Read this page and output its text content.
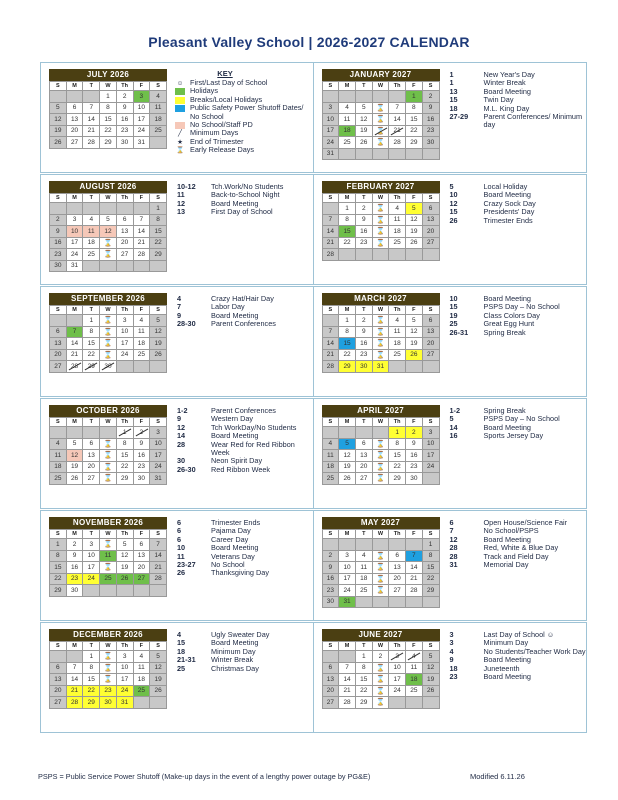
Pleasant Valley School | 2026-2027 CALENDAR
JULY 2026
S	M	T	W	Th	F	S
			1	2	3	4
5	6	7	8	9	10	11
12	13	14	15	16	17	18
19	20	21	22	23	24	25
26	27	28	29	30	31	
KEY
☺ First/Last Day of School
Holidays
Breaks/Local Holidays
Public Safety Power Shutoff Dates/ No School
No School/Staff PD
╱	Minimum Days
★ End of Trimester
⌛ Early Release Days
JANUARY 2027
S	M	T	W	Th	F	S
					1	2
3	4	5	⌛	7	8	9
10	11	12	⌛	14	15	16
17	18	19	⌛	21	22	23
24	25	26	⌛	28	29	30
31						
1	New Year's Day
1	Winter Break
13	Board Meeting
15	Twin Day
18	M.L. King Day
27-29	Parent Conferences/ Minimum day
AUGUST 2026
S	M	T	W	Th	F	S
						1
2	3	4	5	6	7	8
9	10	11	12	13	14	15
16	17	18	⌛	20	21	22
23	24	25	⌛	27	28	29
30	31					
10-12	Tch.Work/No Students
11	Back-to-School Night
12	Board Meeting
13	First Day of School
FEBRUARY 2027
S	M	T	W	Th	F	S
	1	2	⌛	4	5	6
7	8	9	⌛	11	12	13
14	15	16	⌛	18	19	20
21	22	23	⌛	25	26	27
28						
5	Local Holiday
10	Board Meeting
12	Crazy Sock Day
15	Presidents' Day
26	Trimester Ends
SEPTEMBER 2026
S	M	T	W	Th	F	S
		1	⌛	3	4	5
6	7	8	⌛	10	11	12
13	14	15	⌛	17	18	19
20	21	22	⌛	24	25	26
27	28	29	30			
4	Crazy Hat/Hair Day
7	Labor Day
9	Board Meeting
28-30	Parent Conferences
MARCH 2027
S	M	T	W	Th	F	S
	1	2	⌛	4	5	6
7	8	9	⌛	11	12	13
14	15	16	⌛	18	19	20
21	22	23	⌛	25	26	27
28	29	30	31			
10	Board Meeting
15	PSPS Day – No School
19	Class Colors Day
25	Great Egg Hunt
26-31	Spring Break
OCTOBER 2026
S	M	T	W	Th	F	S
				1	2	3
4	5	6	⌛	8	9	10
11	12	13	⌛	15	16	17
18	19	20	⌛	22	23	24
25	26	27	⌛	29	30	31
1-2	Parent Conferences
9	Western Day
12	Tch WorkDay/No Students
14	Board Meeting
28	Wear Red for Red Ribbon Week
30	Neon Spirit Day
26-30	Red Ribbon Week
APRIL 2027
S	M	T	W	Th	F	S
				1	2	3
4	5	6	⌛	8	9	10
11	12	13	⌛	15	16	17
18	19	20	⌛	22	23	24
25	26	27	⌛	29	30	
1-2	Spring Break
5	PSPS Day – No School
14	Board Meeting
16	Sports Jersey Day
NOVEMBER 2026
S	M	T	W	Th	F	S
1	2	3	⌛	5	6	7
8	9	10	11	12	13	14
15	16	17	⌛	19	20	21
22	23	24	25	26	27	28
29	30					
6	Trimester Ends
6	Pajama Day
6	Career Day
10	Board Meeting
11	Veterans Day
23-27	No School
26	Thanksgiving Day
MAY 2027
S	M	T	W	Th	F	S
						1
2	3	4	⌛	6	7	8
9	10	11	⌛	13	14	15
16	17	18	⌛	20	21	22
23	24	25	⌛	27	28	29
30	31					
6	Open House/Science Fair
7	No School/PSPS
12	Board Meeting
28	Red, White & Blue Day
28	Track and Field Day
31	Memorial Day
DECEMBER 2026
S	M	T	W	Th	F	S
		1	⌛	3	4	5
6	7	8	⌛	10	11	12
13	14	15	⌛	17	18	19
20	21	22	23	24	25	26
27	28	29	30	31		
4	Ugly Sweater Day
15	Board Meeting
18	Minimum Day
21-31	Winter Break
25	Christmas Day
JUNE 2027
S	M	T	W	Th	F	S
		1	2	3	4	5
6	7	8	⌛	10	11	12
13	14	15	⌛	17	18	19
20	21	22	⌛	24	25	26
27	28	29	⌛			
3	Last Day of School ☺
3	Minimum Day
4	No Students/Teacher Work Day
9	Board Meeting
18	Juneteenth
23	Board Meeting
PSPS = Public Service Power Shutoff (Make-up days in the event of a lengthy power outage by PG&E)	Modified 6.11.26
